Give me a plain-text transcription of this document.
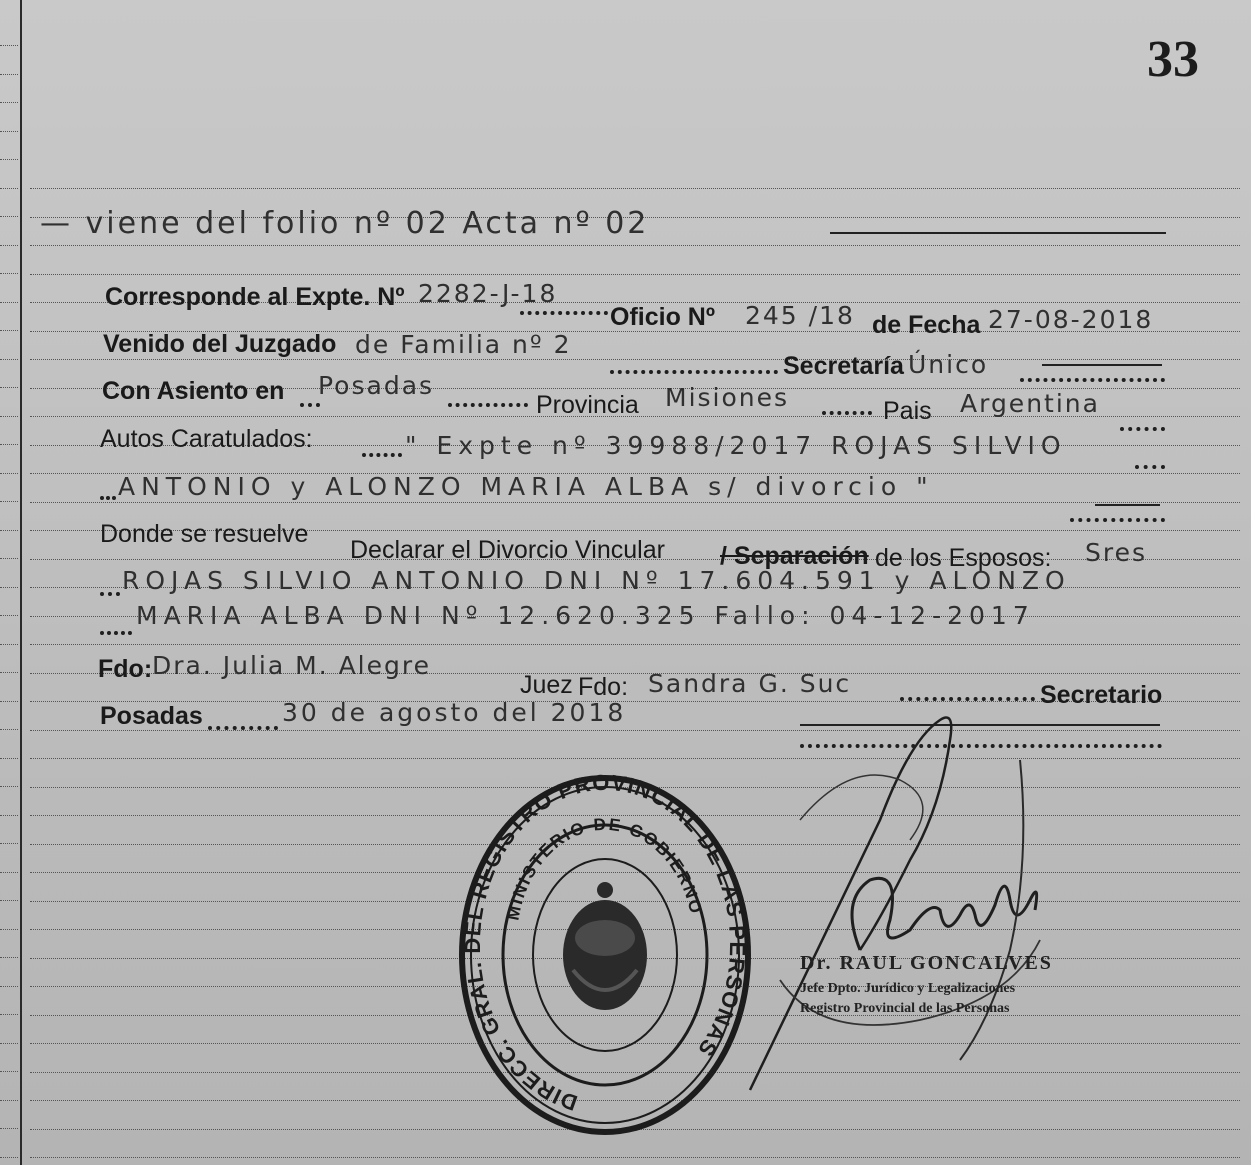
33
— viene del folio nº 02 Acta nº 02
Corresponde al Expte. Nº 2282-J-18
Oficio Nº 245 /18 de Fecha 27-08-2018
Venido del Juzgado de Familia nº 2
Secretaría Único
Con Asiento en Posadas
Provincia Misiones	Pais Argentina
Autos Caratulados:	" Expte nº 39988/2017 ROJAS SILVIO
ANTONIO y ALONZO MARIA ALBA s/ divorcio "
Donde se resuelve
Declarar el Divorcio Vincular / Separación de los Esposos: Sres
ROJAS SILVIO ANTONIO DNI Nº 17.604.591 y ALONZO
MARIA ALBA DNI Nº 12.620.325 Fallo: 04-12-2017
Fdo: Dra. Julia M. Alegre
Juez Fdo: Sandra G. Suc	Secretario
Posadas	30 de agosto del 2018
DIRECC. GRAL. DEL REGISTRO PROVINCIAL DE LAS PERSONAS
MINISTERIO DE GOBIERNO
Dr. RAUL GONCALVES
Jefe Dpto. Jurídico y Legalizaciones
Registro Provincial de las Personas
